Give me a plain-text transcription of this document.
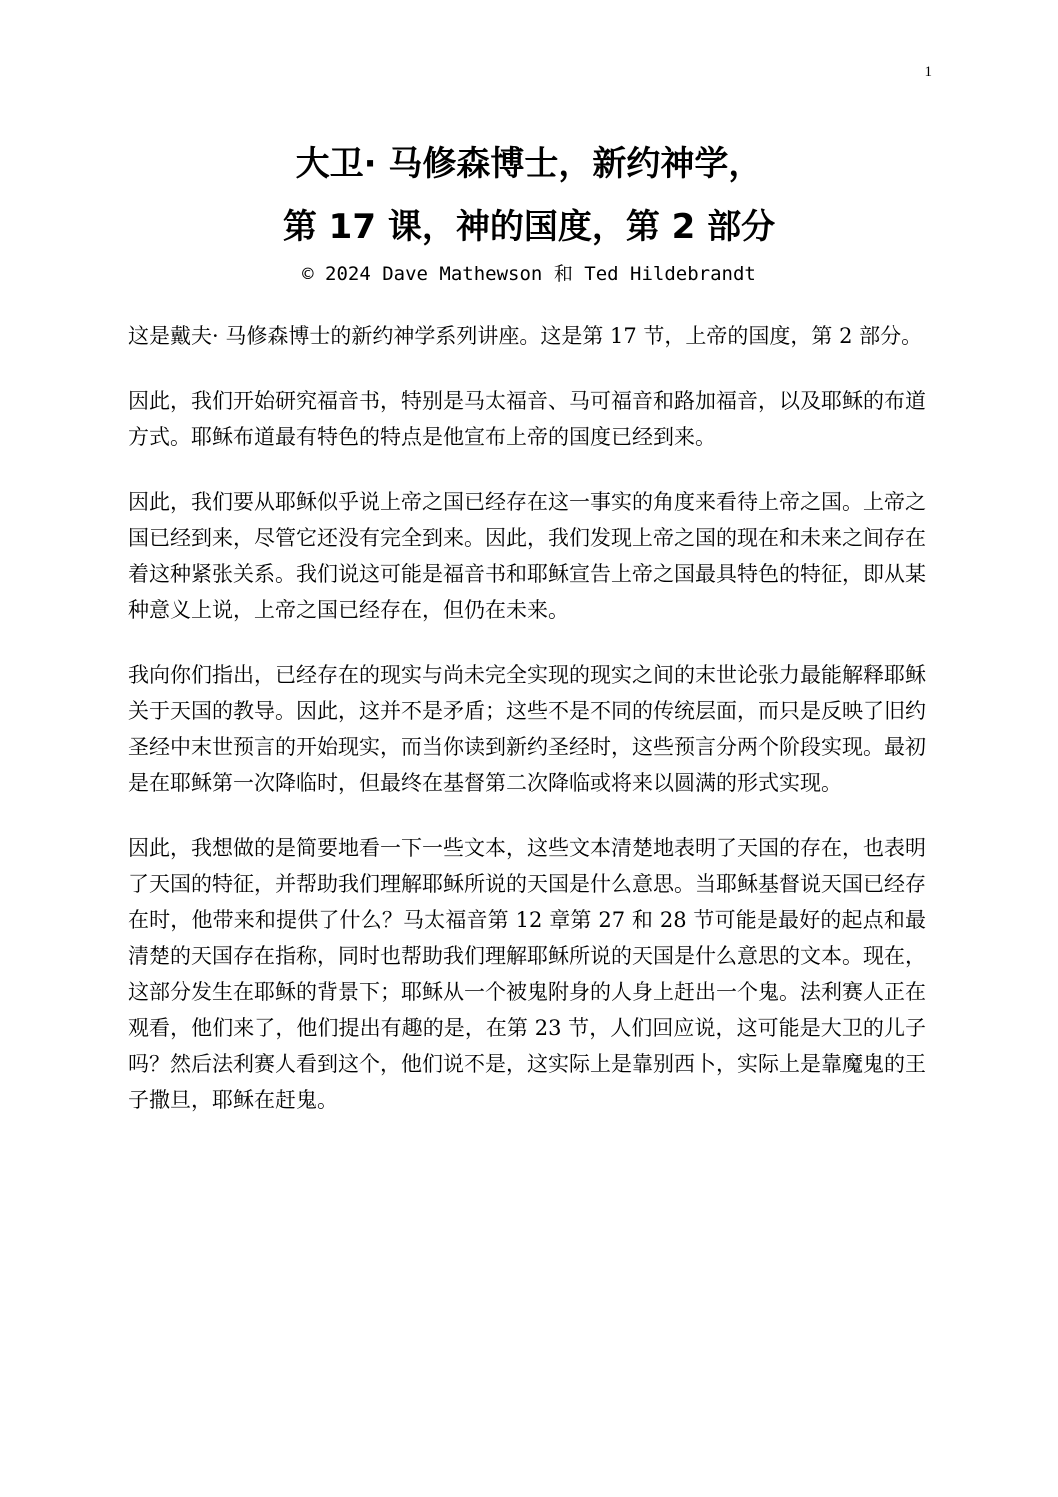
1
大卫· 马修森博士，新约神学，
第 17 课，神的国度，第 2 部分
© 2024 Dave Mathewson 和 Ted Hildebrandt

这是戴夫· 马修森博士的新约神学系列讲座。这是第 17 节，上帝的国度，第 2 部分。

因此，我们开始研究福音书，特别是马太福音、马可福音和路加福音，以及耶稣的布道方式。耶稣布道最有特色的特点是他宣布上帝的国度已经到来。

因此，我们要从耶稣似乎说上帝之国已经存在这一事实的角度来看待上帝之国。上帝之国已经到来，尽管它还没有完全到来。因此，我们发现上帝之国的现在和未来之间存在着这种紧张关系。我们说这可能是福音书和耶稣宣告上帝之国最具特色的特征，即从某种意义上说，上帝之国已经存在，但仍在未来。

我向你们指出，已经存在的现实与尚未完全实现的现实之间的末世论张力最能解释耶稣关于天国的教导。因此，这并不是矛盾；这些不是不同的传统层面，而只是反映了旧约圣经中末世预言的开始现实，而当你读到新约圣经时，这些预言分两个阶段实现。最初是在耶稣第一次降临时，但最终在基督第二次降临或将来以圆满的形式实现。

因此，我想做的是简要地看一下一些文本，这些文本清楚地表明了天国的存在，也表明了天国的特征，并帮助我们理解耶稣所说的天国是什么意思。当耶稣基督说天国已经存在时，他带来和提供了什么？马太福音第 12 章第 27 和 28 节可能是最好的起点和最清楚的天国存在指称，同时也帮助我们理解耶稣所说的天国是什么意思的文本。现在，这部分发生在耶稣的背景下；耶稣从一个被鬼附身的人身上赶出一个鬼。法利赛人正在观看，他们来了，他们提出有趣的是，在第 23 节，人们回应说，这可能是大卫的儿子吗？然后法利赛人看到这个，他们说不是，这实际上是靠别西卜，实际上是靠魔鬼的王子撒旦，耶稣在赶鬼。
